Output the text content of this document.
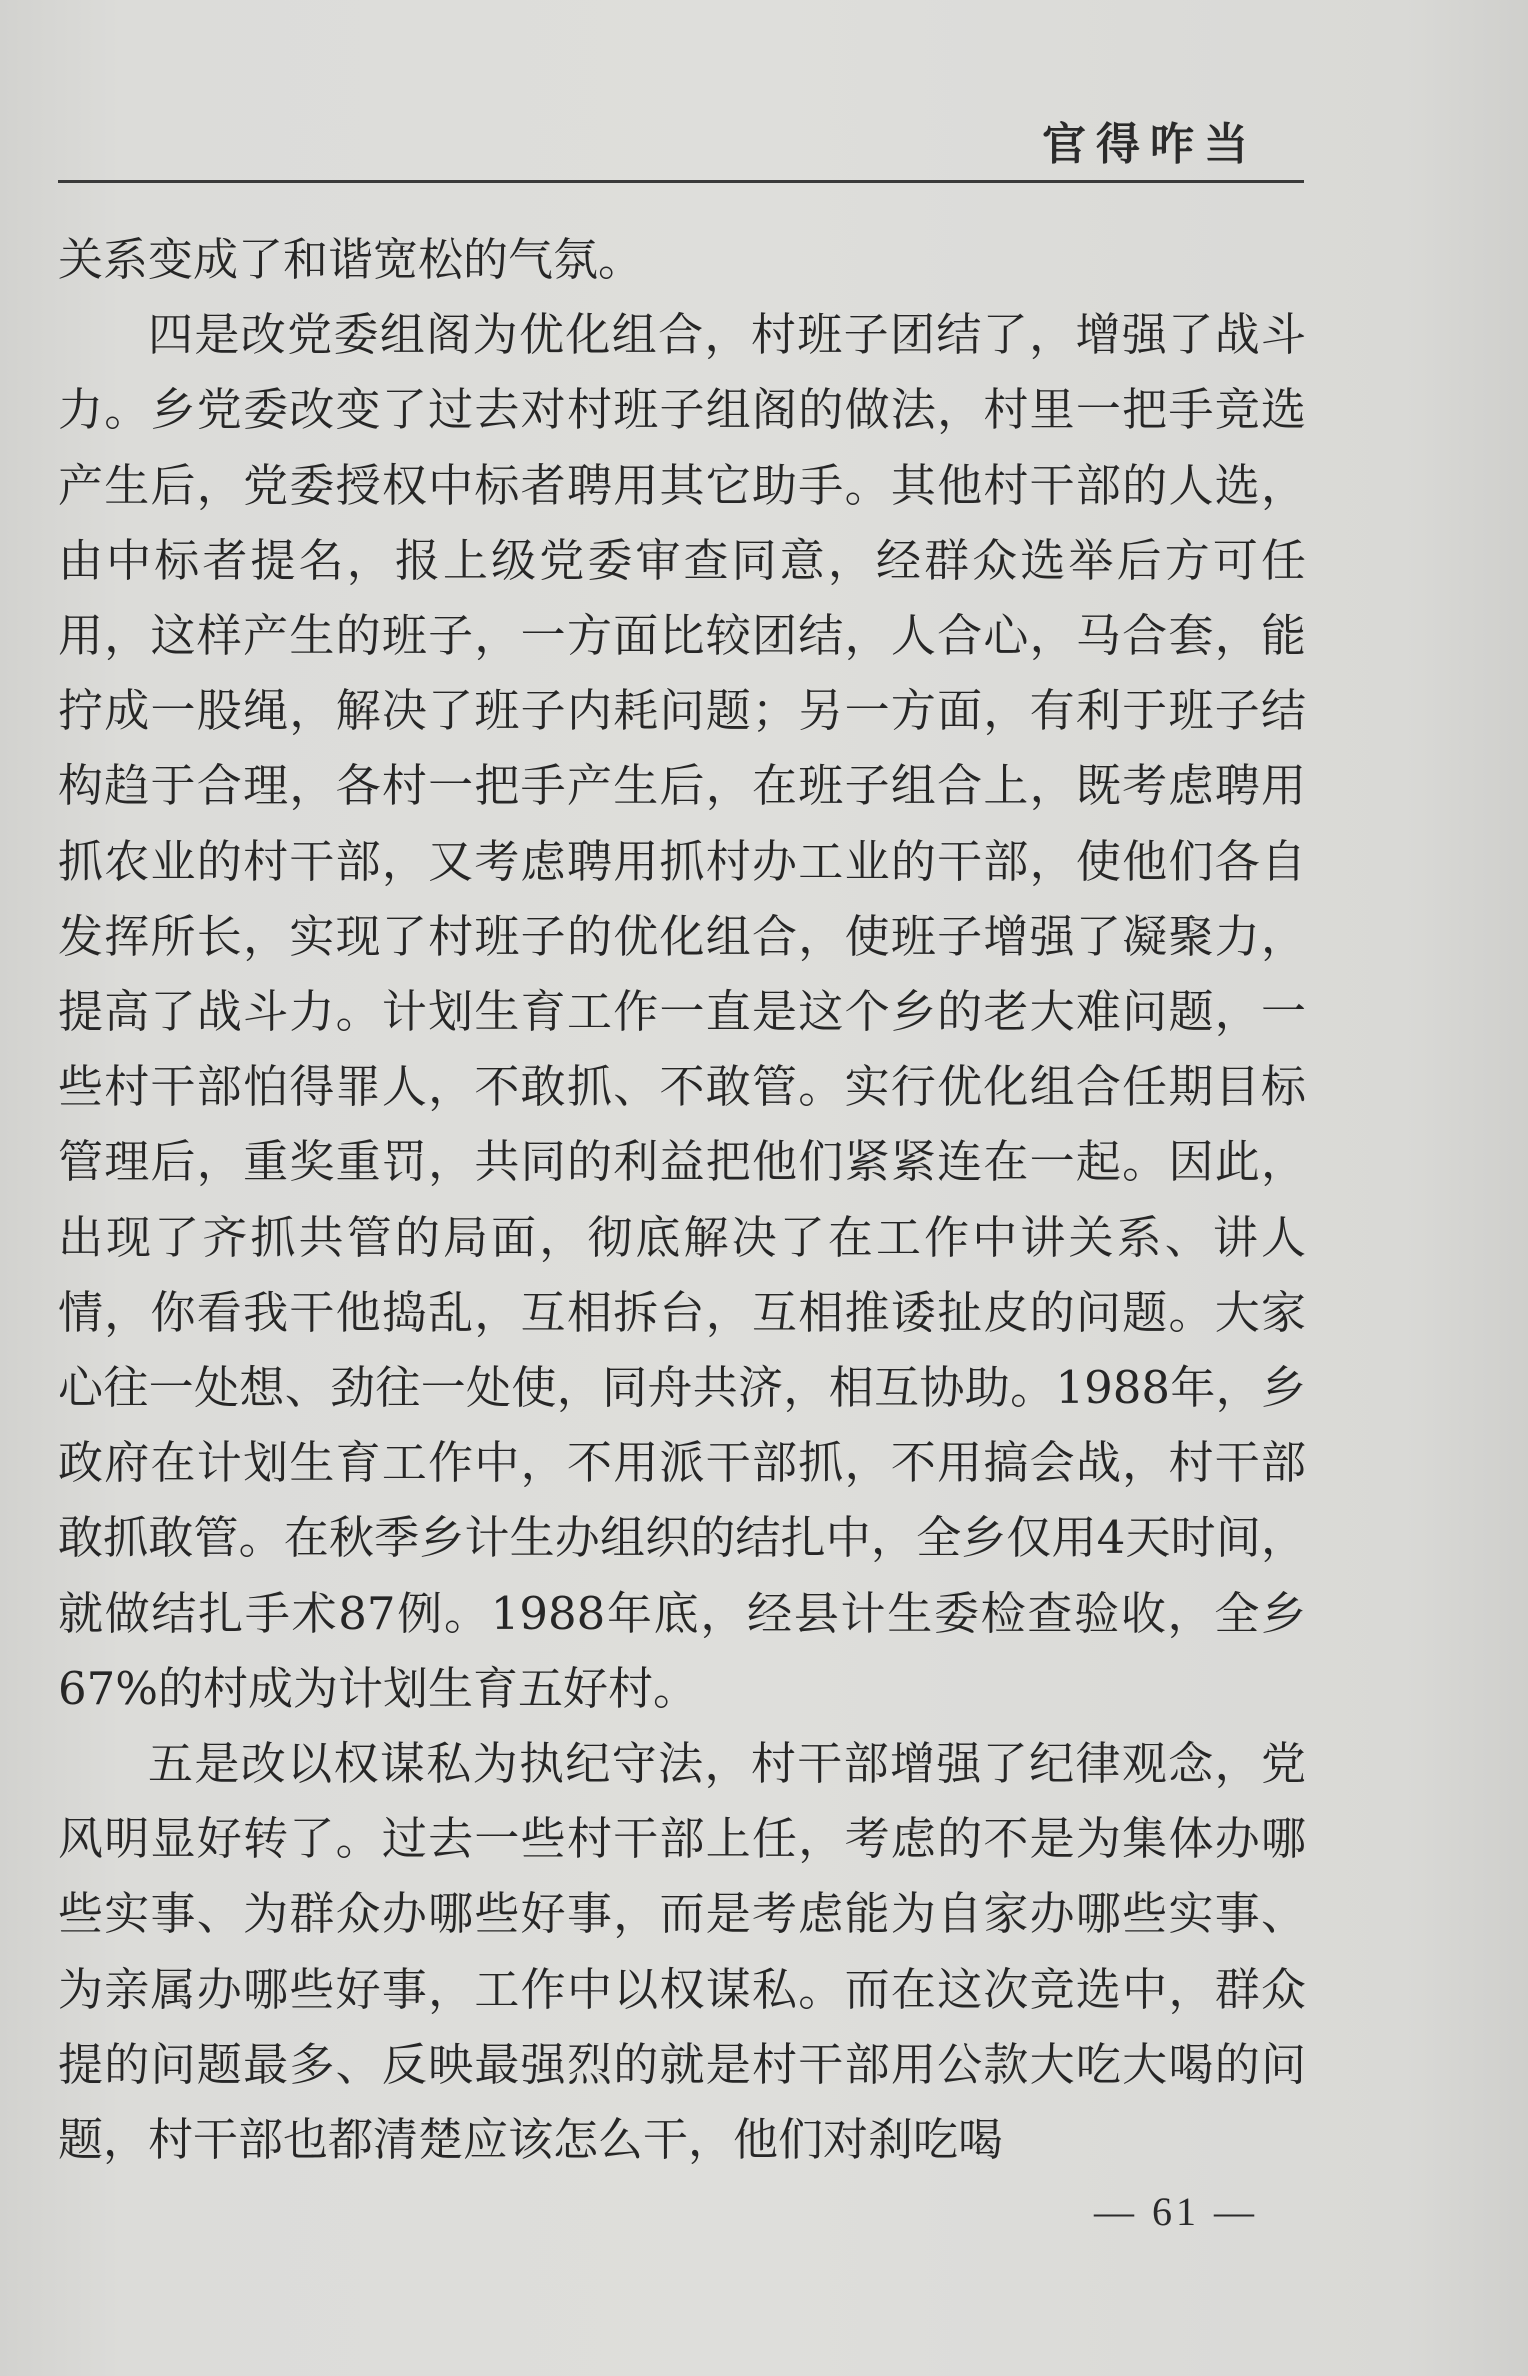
官得咋当

关系变成了和谐宽松的气氛。

四是改党委组阁为优化组合，村班子团结了，增强了战斗力。乡党委改变了过去对村班子组阁的做法，村里一把手竞选产生后，党委授权中标者聘用其它助手。其他村干部的人选，由中标者提名，报上级党委审查同意，经群众选举后方可任用，这样产生的班子，一方面比较团结，人合心，马合套，能拧成一股绳，解决了班子内耗问题；另一方面，有利于班子结构趋于合理，各村一把手产生后，在班子组合上，既考虑聘用抓农业的村干部，又考虑聘用抓村办工业的干部，使他们各自发挥所长，实现了村班子的优化组合，使班子增强了凝聚力，提高了战斗力。计划生育工作一直是这个乡的老大难问题，一些村干部怕得罪人，不敢抓、不敢管。实行优化组合任期目标管理后，重奖重罚，共同的利益把他们紧紧连在一起。因此，出现了齐抓共管的局面，彻底解决了在工作中讲关系、讲人情，你看我干他捣乱，互相拆台，互相推诿扯皮的问题。大家心往一处想、劲往一处使，同舟共济，相互协助。1988年，乡政府在计划生育工作中，不用派干部抓，不用搞会战，村干部敢抓敢管。在秋季乡计生办组织的结扎中，全乡仅用4天时间，就做结扎手术87例。1988年底，经县计生委检查验收，全乡67%的村成为计划生育五好村。

五是改以权谋私为执纪守法，村干部增强了纪律观念，党风明显好转了。过去一些村干部上任，考虑的不是为集体办哪些实事、为群众办哪些好事，而是考虑能为自家办哪些实事、为亲属办哪些好事，工作中以权谋私。而在这次竞选中，群众提的问题最多、反映最强烈的就是村干部用公款大吃大喝的问题，村干部也都清楚应该怎么干，他们对刹吃喝

— 61 —
